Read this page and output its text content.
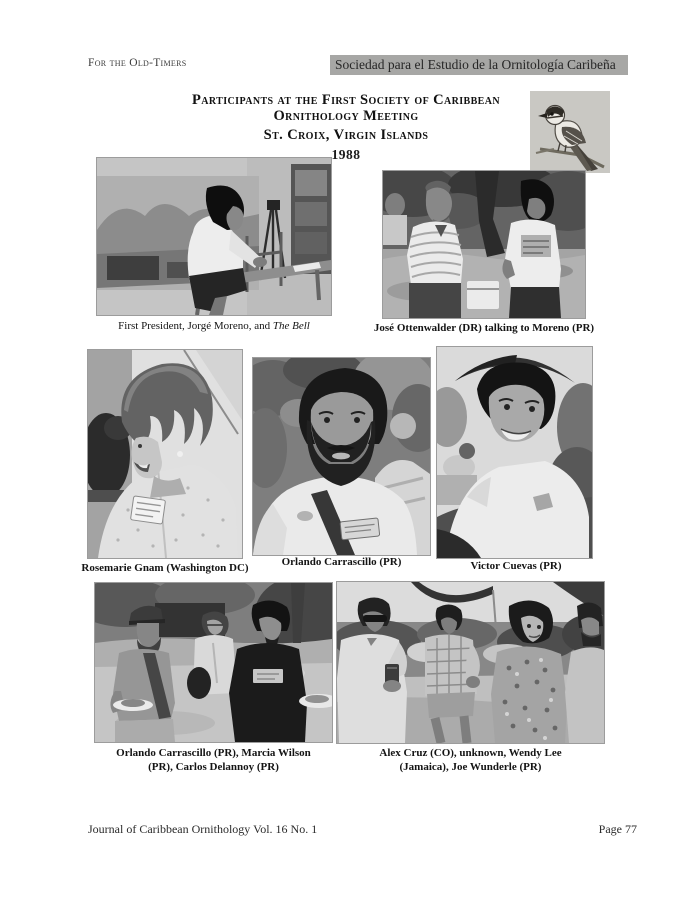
For the Old-Timers	Sociedad para el Estudio de la Ornitología Caribeña
Participants at the First Society of Caribbean
Ornithology Meeting
St. Croix, Virgin Islands
1988
First President, Jorgé Moreno, and The Bell	José Ottenwalder (DR) talking to Moreno (PR)
Rosemarie Gnam (Washington DC)	Orlando Carrascillo (PR)	Victor Cuevas (PR)
Orlando Carrascillo (PR), Marcia Wilson
(PR), Carlos Delannoy (PR)
Alex Cruz (CO), unknown, Wendy Lee
(Jamaica), Joe Wunderle (PR)
Journal of Caribbean Ornithology Vol. 16 No. 1	Page 77
